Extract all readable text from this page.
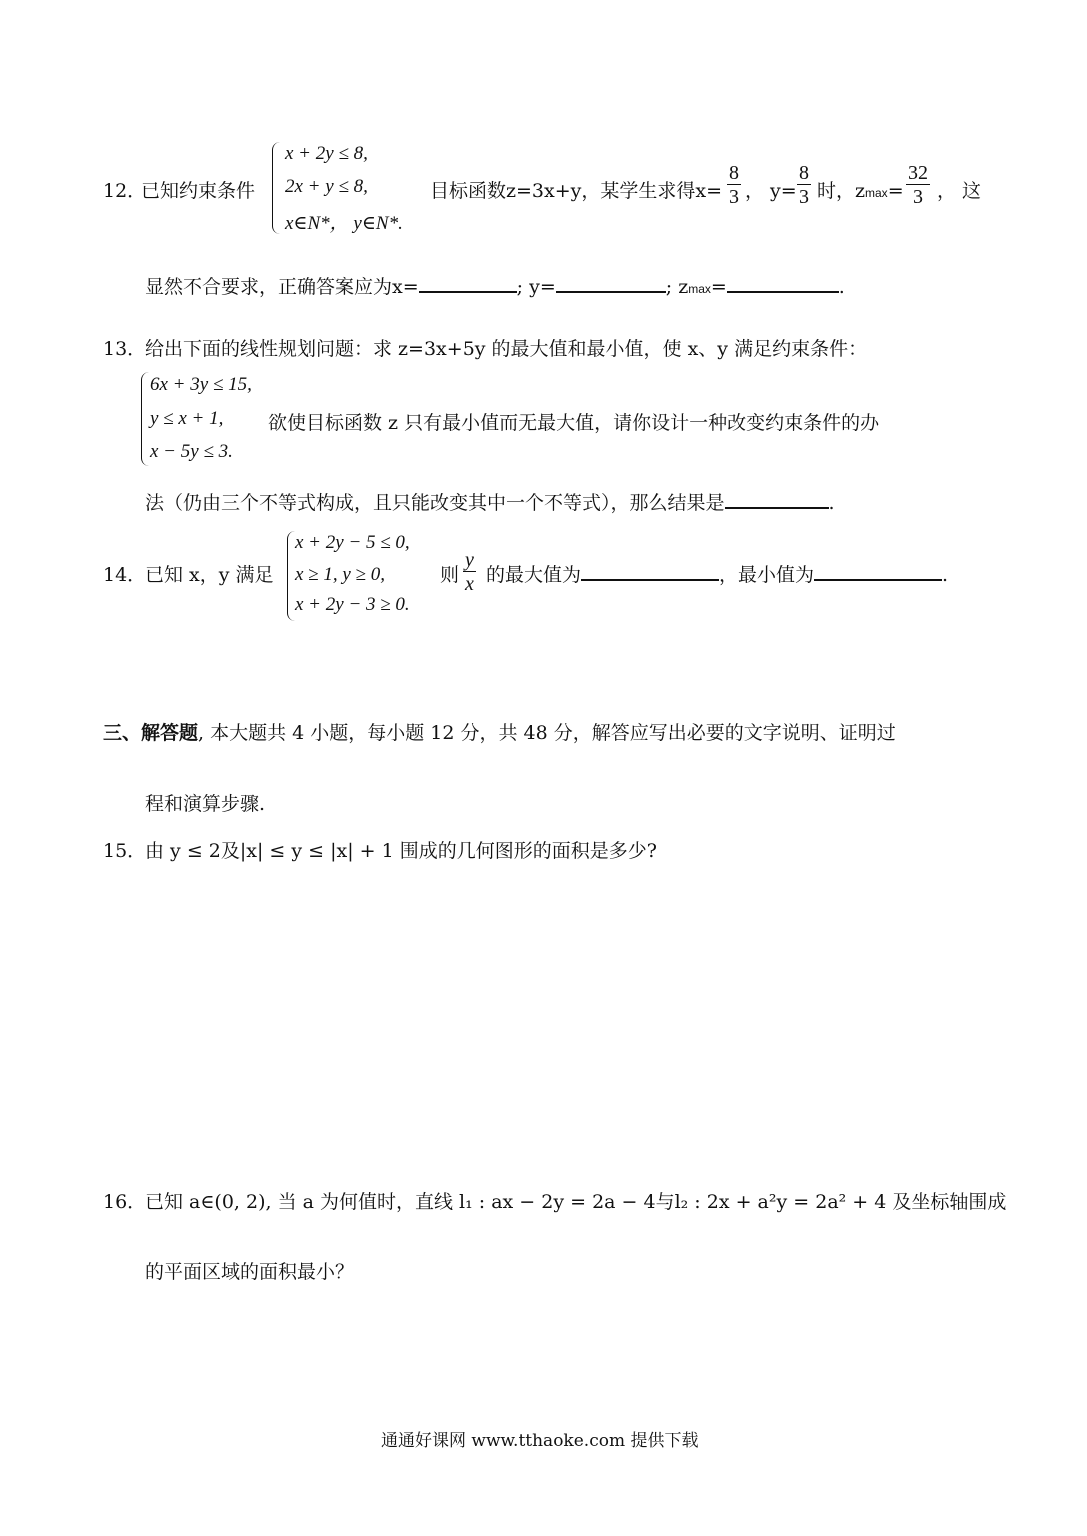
12．
已知约束条件
x + 2y ≤ 8,
2x + y ≤ 8,
x∈N*， y∈N*.
目标函数z=3x+y，某学生求得$x= \frac{8}{3}$ ， $y= \frac{8}{3}$ 时，$zmax= \frac{32}{3}$ ， 这
显然不合要求，正确答案应为x=	; y=	; zmax=	.
13．
给出下面的线性规划问题：求 z=3x+5y 的最大值和最小值，使 x、y 满足约束条件：
6x + 3y ≤ 15,
y ≤ x + 1,
x − 5y ≤ 3.
欲使目标函数 z 只有最小值而无最大值，请你设计一种改变约束条件的办
法（仍由三个不等式构成，且只能改变其中一个不等式），那么结果是	.
14．
已知 x，y 满足
x + 2y − 5 ≤ 0,
x ≥ 1, y ≥ 0,
x + 2y − 3 ≥ 0.
则 $\frac{y}{x}$ 的最大值为	，最小值为	.
三、解答题, 本大题共 4 小题，每小题 12 分，共 48 分，解答应写出必要的文字说明、证明过
程和演算步骤.
15．
由 y ≤ 2及|x| ≤ y ≤ |x| + 1 围成的几何图形的面积是多少?
16．
已知 a∈(0, 2), 当 a 为何值时，直线 l₁ : ax − 2y = 2a − 4与l₂ : 2x + a²y = 2a² + 4 及坐标轴围成
的平面区域的面积最小？
通通好课网 www.tthaoke.com 提供下载
